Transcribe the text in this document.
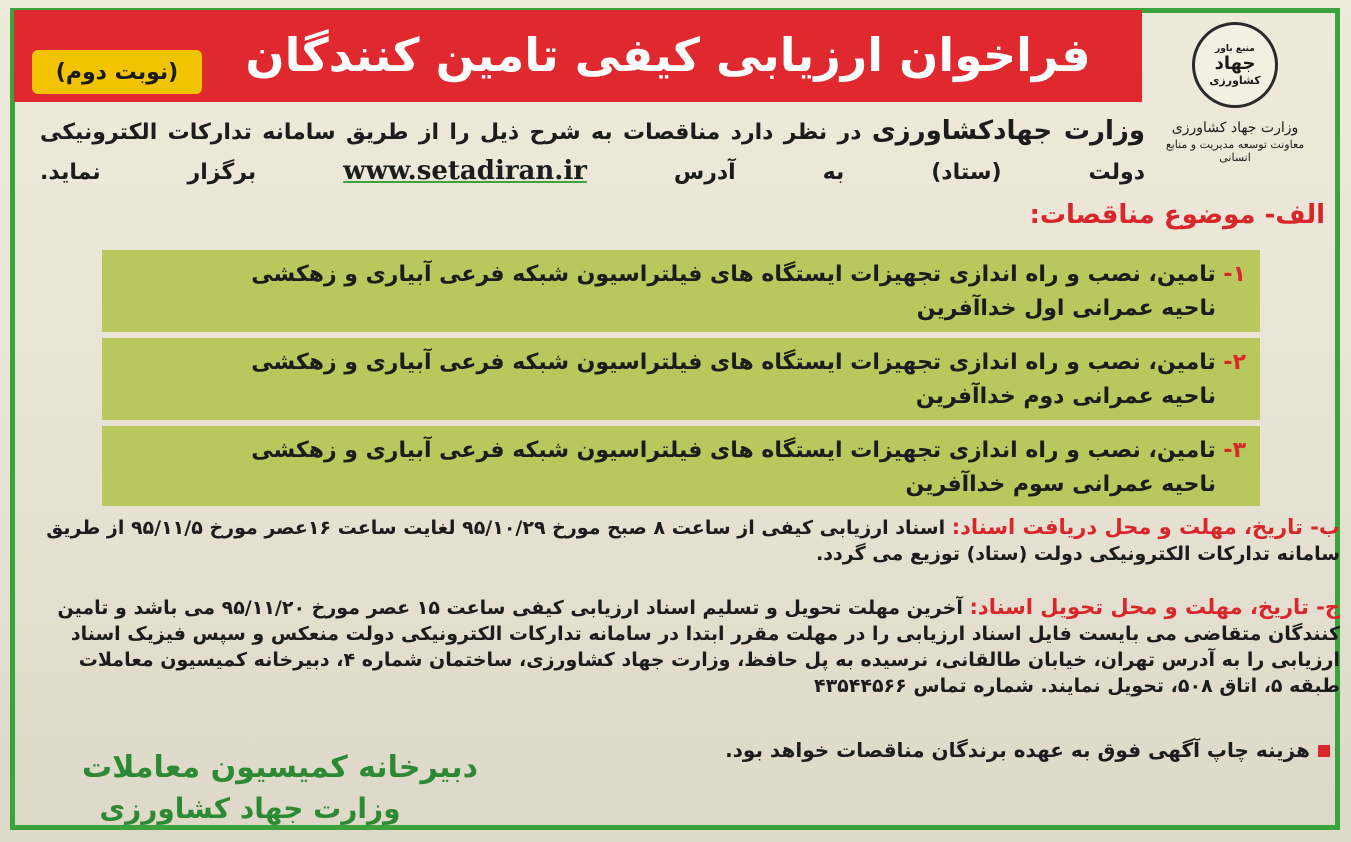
فراخوان ارزیابی کیفی تامین کنندگان
(نوبت دوم)
منبع باور
جهاد
کشاورزی
وزارت جهاد کشاورزی
معاونت توسعه مدیریت و منابع انسانی
وزارت جهادکشاورزی در نظر دارد مناقصات به شرح ذیل را از طریق سامانه تدارکات الکترونیکی دولت (ستاد) به آدرس www.setadiran.ir برگزار نماید.
الف- موضوع مناقصات:
۱- تامین، نصب و راه اندازی تجهیزات ایستگاه های فیلتراسیون شبکه فرعی آبیاری و زهکشی
ناحیه عمرانی اول خداآفرین
۲- تامین، نصب و راه اندازی تجهیزات ایستگاه های فیلتراسیون شبکه فرعی آبیاری و زهکشی
ناحیه عمرانی دوم خداآفرین
۳- تامین، نصب و راه اندازی تجهیزات ایستگاه های فیلتراسیون شبکه فرعی آبیاری و زهکشی
ناحیه عمرانی سوم خداآفرین

ب- تاریخ، مهلت و محل دریافت اسناد: اسناد ارزیابی کیفی از ساعت ۸ صبح مورخ ۹۵/۱۰/۲۹ لغایت ساعت ۱۶عصر مورخ ۹۵/۱۱/۵ از طریق سامانه تدارکات الکترونیکی دولت (ستاد) توزیع می گردد.

ج- تاریخ، مهلت و محل تحویل اسناد: آخرین مهلت تحویل و تسلیم اسناد ارزیابی کیفی ساعت ۱۵ عصر مورخ ۹۵/۱۱/۲۰ می باشد و تامین کنندگان متقاضی می بایست فایل اسناد ارزیابی را در مهلت مقرر ابتدا در سامانه تدارکات الکترونیکی دولت منعکس و سپس فیزیک اسناد ارزیابی را به آدرس تهران، خیابان طالقانی، نرسیده به پل حافظ، وزارت جهاد کشاورزی، ساختمان شماره ۴، دبیرخانه کمیسیون معاملات طبقه ۵، اتاق ۵۰۸، تحویل نمایند. شماره تماس ۴۳۵۴۴۵۶۶

هزینه چاپ آگهی فوق به عهده برندگان مناقصات خواهد بود.
دبیرخانه کمیسیون معاملات
وزارت جهاد کشاورزی
